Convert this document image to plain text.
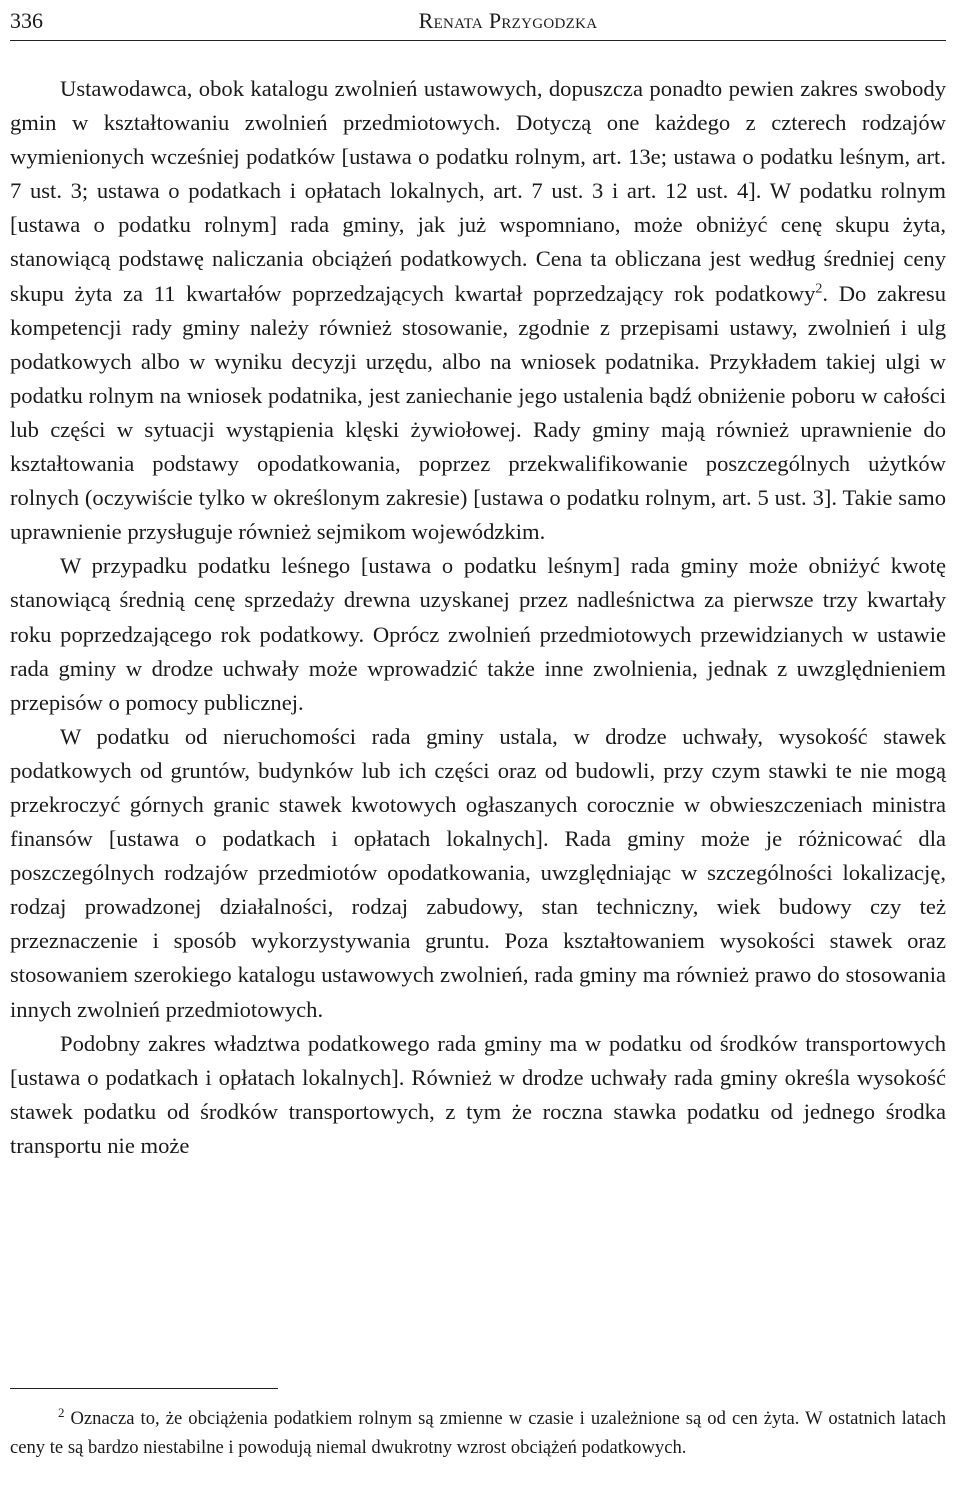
336	Renata Przygodzka

Ustawodawca, obok katalogu zwolnień ustawowych, dopuszcza ponadto pewien zakres swobody gmin w kształtowaniu zwolnień przedmiotowych. Dotyczą one każdego z czterech rodzajów wymienionych wcześniej podatków [ustawa o podatku rolnym, art. 13e; ustawa o podatku leśnym, art. 7 ust. 3; ustawa o podatkach i opłatach lokalnych, art. 7 ust. 3 i art. 12 ust. 4]. W podatku rolnym [ustawa o podatku rolnym] rada gminy, jak już wspomniano, może obniżyć cenę skupu żyta, stanowiącą podstawę naliczania obciążeń podatkowych. Cena ta obliczana jest według średniej ceny skupu żyta za 11 kwartałów poprzedzających kwartał poprzedzający rok podatkowy$^2$. Do zakresu kompetencji rady gminy należy również stosowanie, zgodnie z przepisami ustawy, zwolnień i ulg podatkowych albo w wyniku decyzji urzędu, albo na wniosek podatnika. Przykładem takiej ulgi w podatku rolnym na wniosek podatnika, jest zaniechanie jego ustalenia bądź obniżenie poboru w całości lub części w sytuacji wystąpienia klęski żywiołowej. Rady gminy mają również uprawnienie do kształtowania podstawy opodatkowania, poprzez przekwalifikowanie poszczególnych użytków rolnych (oczywiście tylko w określonym zakresie) [ustawa o podatku rolnym, art. 5 ust. 3]. Takie samo uprawnienie przysługuje również sejmikom wojewódzkim.

W przypadku podatku leśnego [ustawa o podatku leśnym] rada gminy może obniżyć kwotę stanowiącą średnią cenę sprzedaży drewna uzyskanej przez nadleśnictwa za pierwsze trzy kwartały roku poprzedzającego rok podatkowy. Oprócz zwolnień przedmiotowych przewidzianych w ustawie rada gminy w drodze uchwały może wprowadzić także inne zwolnienia, jednak z uwzględnieniem przepisów o pomocy publicznej.

W podatku od nieruchomości rada gminy ustala, w drodze uchwały, wysokość stawek podatkowych od gruntów, budynków lub ich części oraz od budowli, przy czym stawki te nie mogą przekroczyć górnych granic stawek kwotowych ogłaszanych corocznie w obwieszczeniach ministra finansów [ustawa o podatkach i opłatach lokalnych]. Rada gminy może je różnicować dla poszczególnych rodzajów przedmiotów opodatkowania, uwzględniając w szczególności lokalizację, rodzaj prowadzonej działalności, rodzaj zabudowy, stan techniczny, wiek budowy czy też przeznaczenie i sposób wykorzystywania gruntu. Poza kształtowaniem wysokości stawek oraz stosowaniem szerokiego katalogu ustawowych zwolnień, rada gminy ma również prawo do stosowania innych zwolnień przedmiotowych.

Podobny zakres władztwa podatkowego rada gminy ma w podatku od środków transportowych [ustawa o podatkach i opłatach lokalnych]. Również w drodze uchwały rada gminy określa wysokość stawek podatku od środków transportowych, z tym że roczna stawka podatku od jednego środka transportu nie może

$^2$ Oznacza to, że obciążenia podatkiem rolnym są zmienne w czasie i uzależnione są od cen żyta. W ostatnich latach ceny te są bardzo niestabilne i powodują niemal dwukrotny wzrost obciążeń podatkowych.
